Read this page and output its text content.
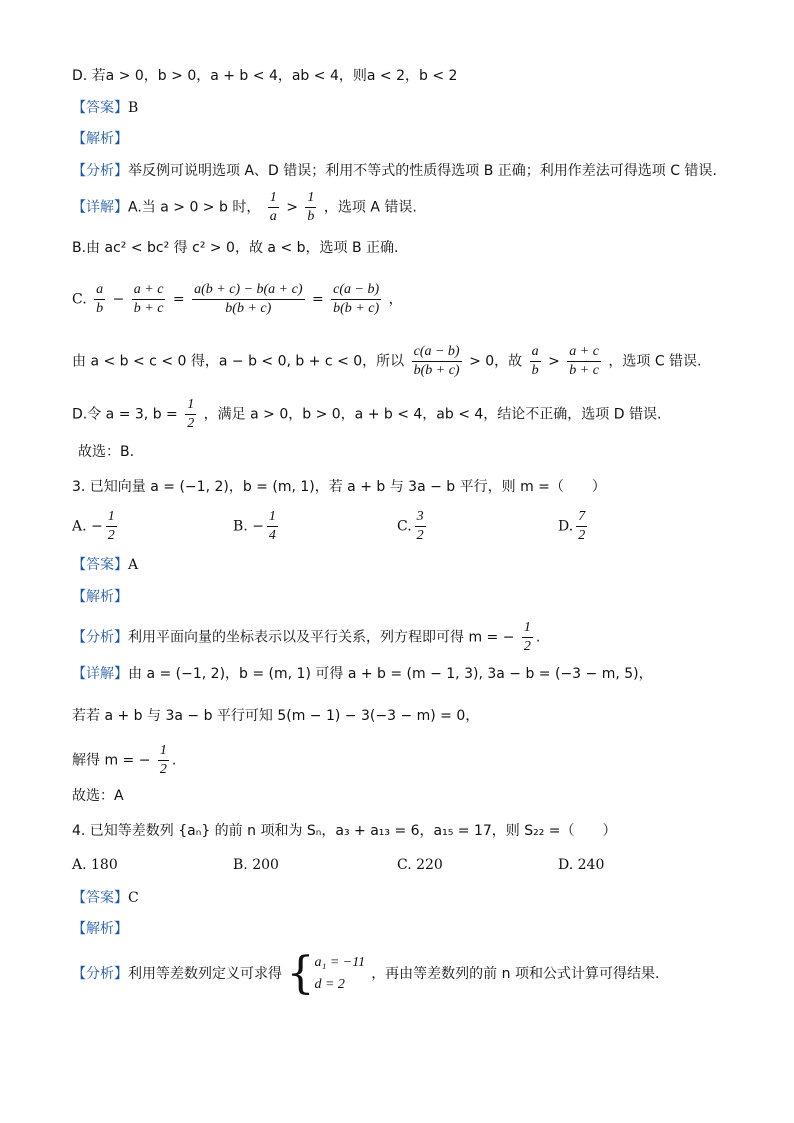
D. 若a > 0，b > 0，a + b < 4，ab < 4，则a < 2，b < 2
【答案】B
【解析】
【分析】举反例可说明选项 A、D 错误；利用不等式的性质得选项 B 正确；利用作差法可得选项 C 错误.
【详解】A.当 a > 0 > b 时， $\frac{1}{a} > \frac{1}{b}$ ，选项 A 错误.
B.由 ac² < bc² 得 c² > 0，故 a < b，选项 B 正确.
C. $\frac{a}{b} - \frac{a + c}{b + c} = \frac{a(b + c) - b(a + c)}{b(b + c)} = \frac{c(a - b)}{b(b + c)}$ ，
由 a < b < c < 0 得，a − b < 0, b + c < 0，所以 $\frac{c(a - b)}{b(b + c)} > 0$，故 $\frac{a}{b} > \frac{a + c}{b + c}$ ，选项 C 错误.
D.令 a = 3, $b = \frac{1}{2}$ ，满足 a > 0，b > 0，a + b < 4，ab < 4，结论不正确，选项 D 错误.
故选：B.
3. 已知向量 a = (−1, 2)，b = (m, 1)，若 a + b 与 3a − b 平行，则 m =（　　）
A. − $\frac{1}{2}$	B. − $\frac{1}{4}$	C. $\frac{3}{2}$	D. $\frac{7}{2}$
【答案】A
【解析】
【分析】利用平面向量的坐标表示以及平行关系，列方程即可得 m = − $\frac{1}{2}$ .
【详解】由 a = (−1, 2)，b = (m, 1) 可得 a + b = (m − 1, 3), 3a − b = (−3 − m, 5)，
若若 a + b 与 3a − b 平行可知 5(m − 1) − 3(−3 − m) = 0，
解得 m = − $\frac{1}{2}$ .
故选：A
4. 已知等差数列 {aₙ} 的前 n 项和为 Sₙ，a₃ + a₁₃ = 6，a₁₅ = 17，则 S₂₂ =（　　）
A. 180	B. 200	C. 220	D. 240
【答案】C
【解析】
【分析】利用等差数列定义可求得 { a₁ = −11
d = 2
，再由等差数列的前 n 项和公式计算可得结果.
